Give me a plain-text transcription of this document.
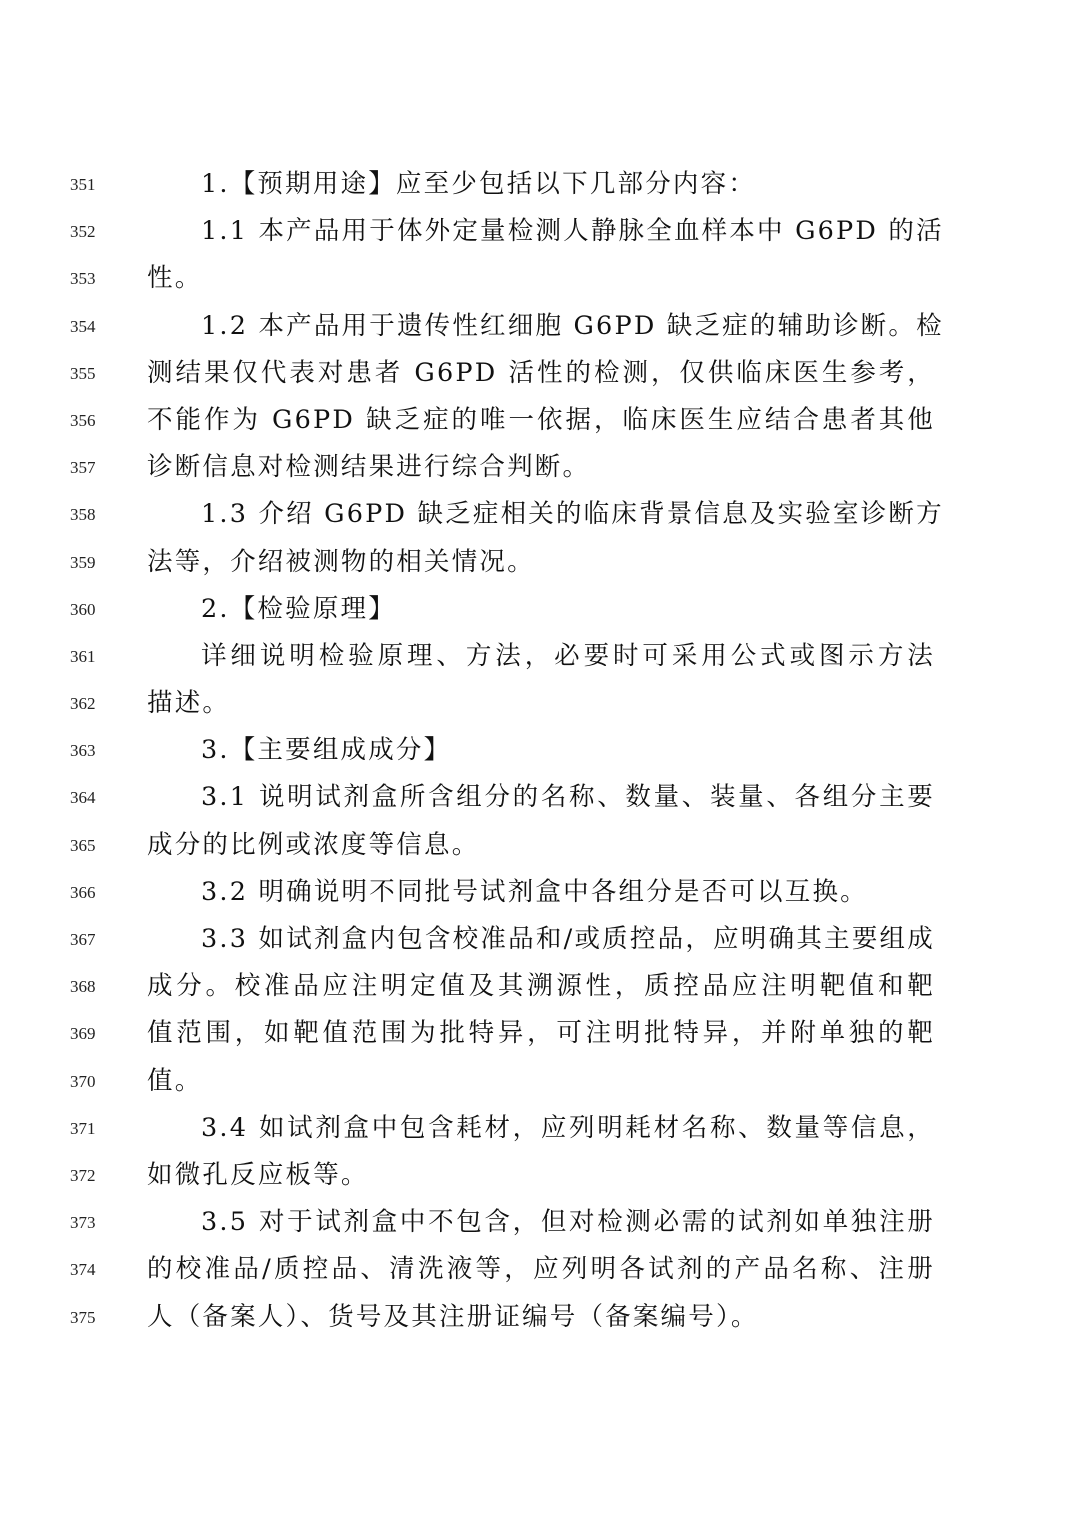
351	1.【预期用途】应至少包括以下几部分内容：
352	1.1 本产品用于体外定量检测人静脉全血样本中 G6PD 的活
353	性。
354	1.2 本产品用于遗传性红细胞 G6PD 缺乏症的辅助诊断。检
355	测结果仅代表对患者 G6PD 活性的检测，仅供临床医生参考，
356	不能作为 G6PD 缺乏症的唯一依据，临床医生应结合患者其他
357	诊断信息对检测结果进行综合判断。
358	1.3 介绍 G6PD 缺乏症相关的临床背景信息及实验室诊断方
359	法等，介绍被测物的相关情况。
360	2.【检验原理】
361	详细说明检验原理、方法，必要时可采用公式或图示方法
362	描述。
363	3.【主要组成成分】
364	3.1 说明试剂盒所含组分的名称、数量、装量、各组分主要
365	成分的比例或浓度等信息。
366	3.2 明确说明不同批号试剂盒中各组分是否可以互换。
367	3.3 如试剂盒内包含校准品和/或质控品，应明确其主要组成
368	成分。校准品应注明定值及其溯源性，质控品应注明靶值和靶
369	值范围，如靶值范围为批特异，可注明批特异，并附单独的靶
370	值。
371	3.4 如试剂盒中包含耗材，应列明耗材名称、数量等信息，
372	如微孔反应板等。
373	3.5 对于试剂盒中不包含，但对检测必需的试剂如单独注册
374	的校准品/质控品、清洗液等，应列明各试剂的产品名称、注册
375	人（备案人）、货号及其注册证编号（备案编号）。
